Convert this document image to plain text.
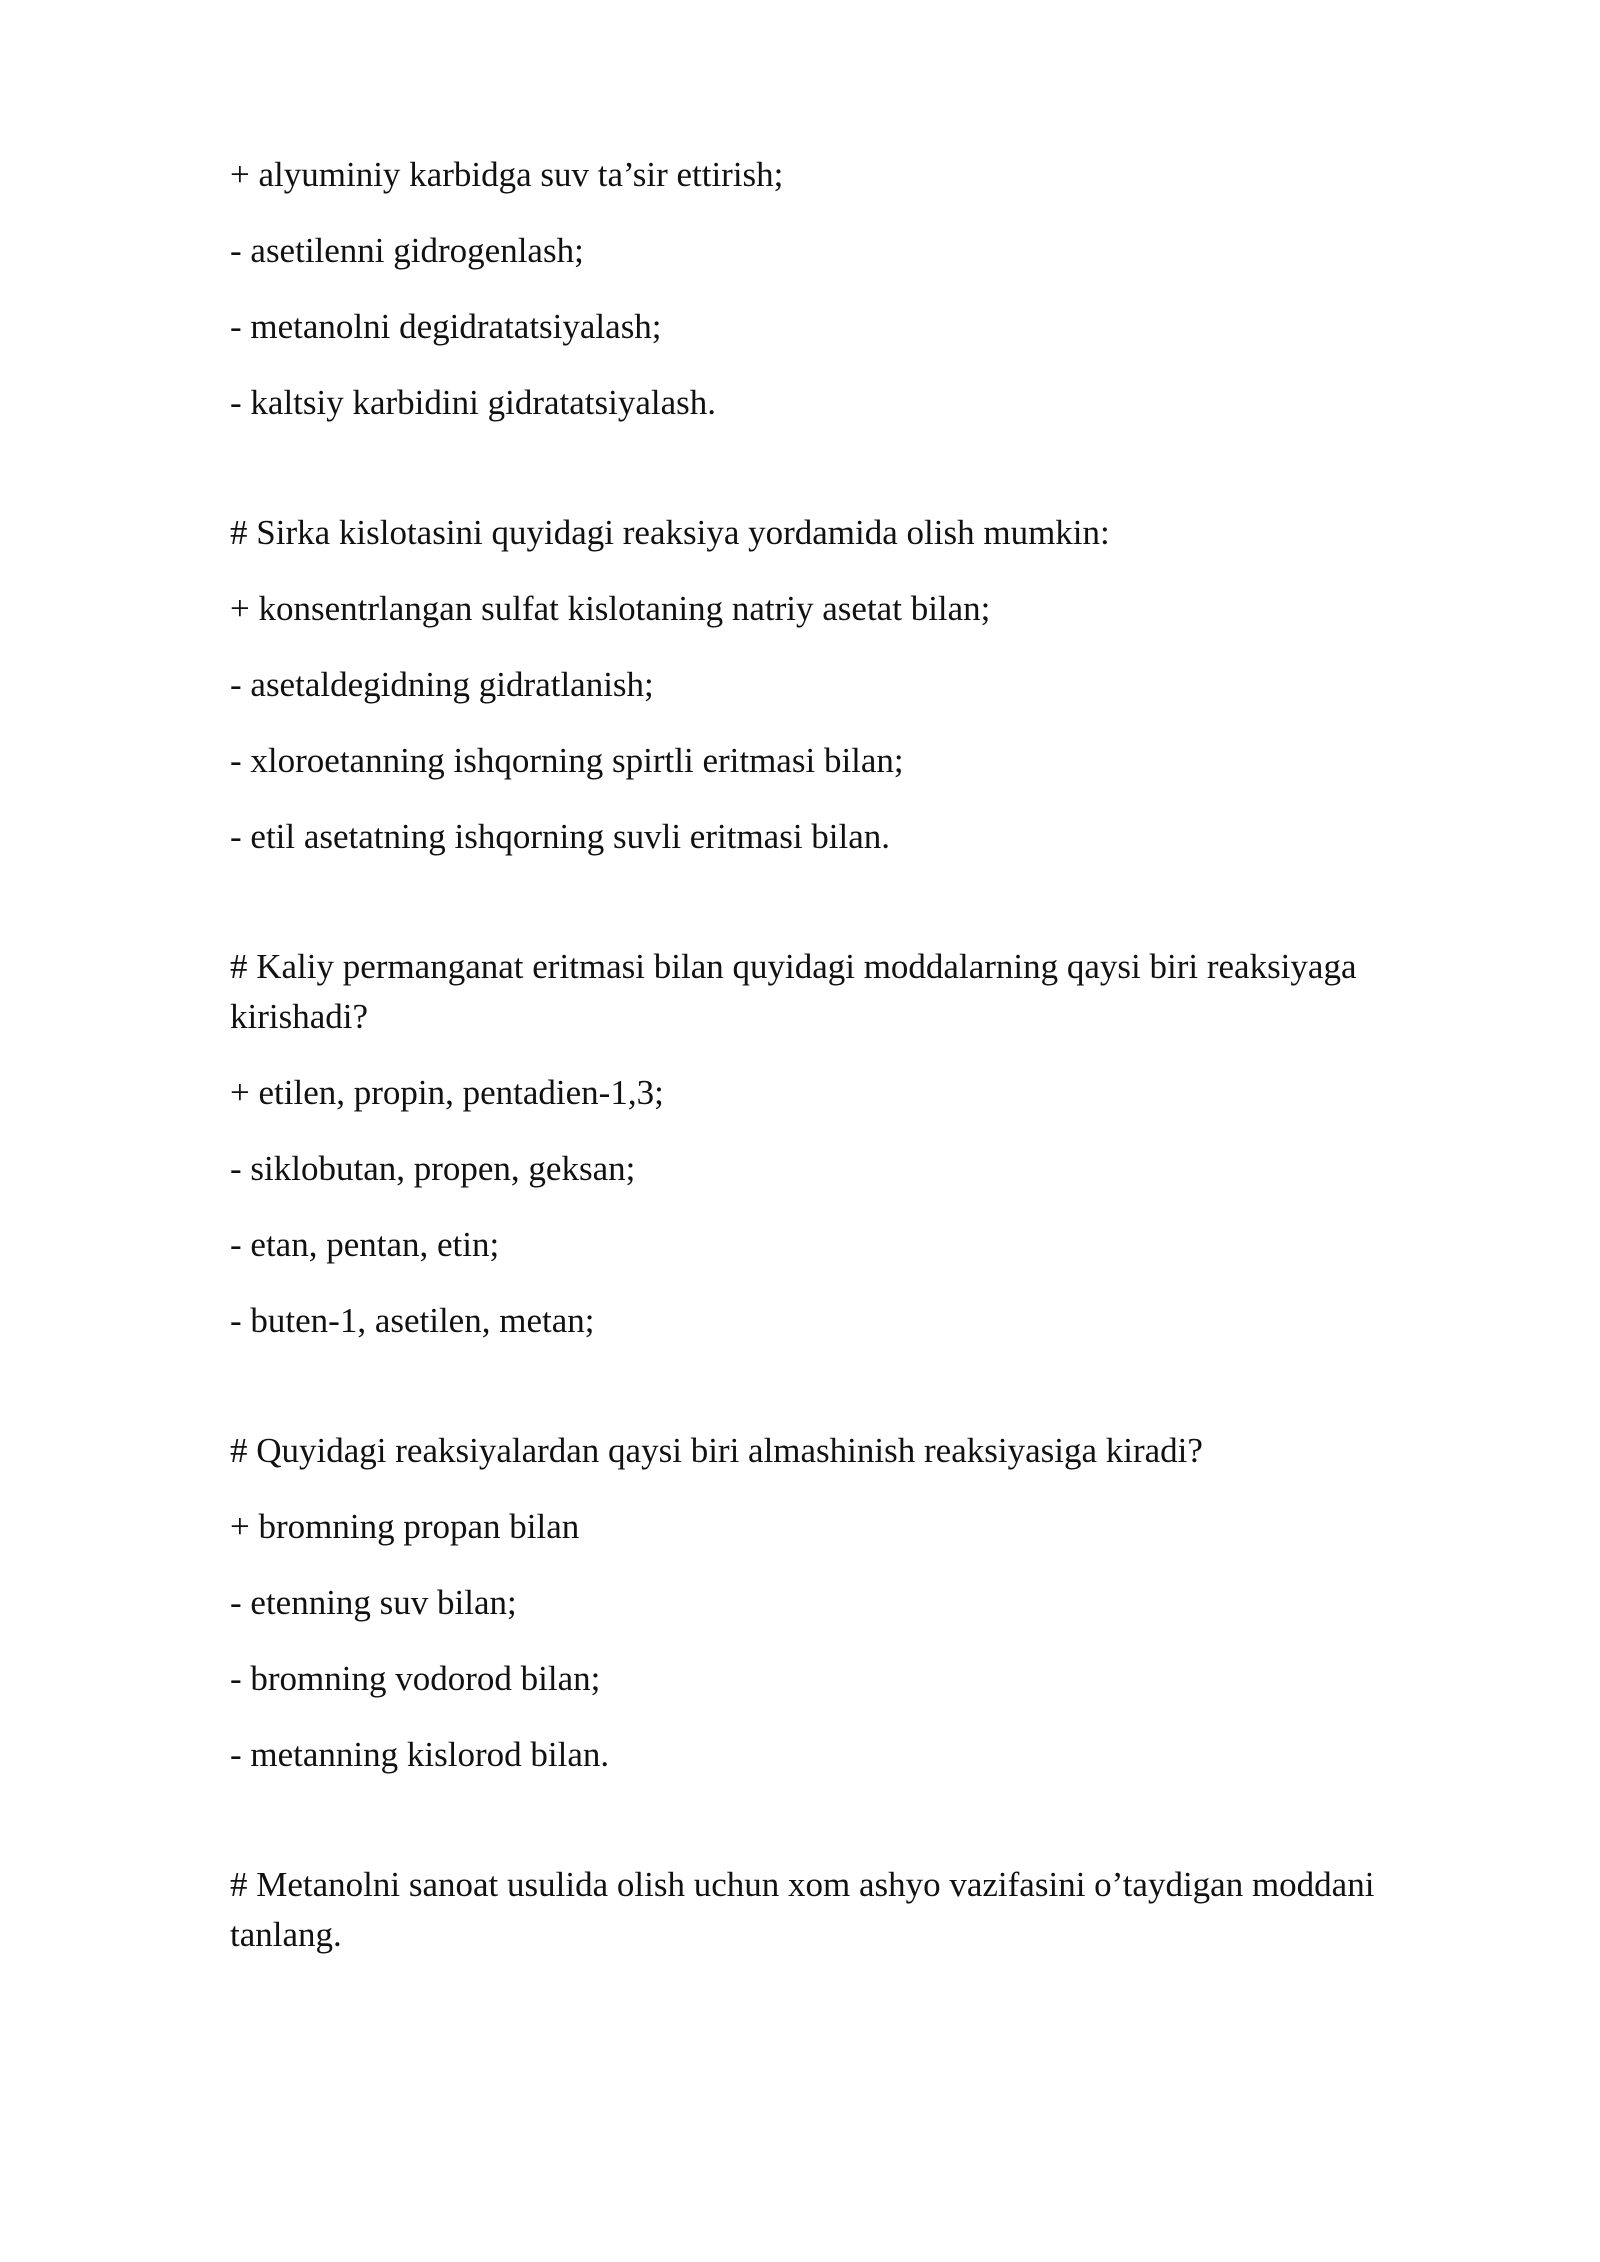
+ alyuminiy karbidga suv ta’sir ettirish;

- asetilenni gidrogenlash;

- metanolni degidratatsiyalash;

- kaltsiy karbidini gidratatsiyalash.

# Sirka kislotasini quyidagi reaksiya yordamida olish mumkin:

+ konsentrlangan sulfat kislotaning natriy asetat bilan;

- asetaldegidning gidratlanish;

- xloroetanning ishqorning spirtli eritmasi bilan;

- etil asetatning ishqorning suvli eritmasi bilan.

# Kaliy permanganat eritmasi bilan quyidagi moddalarning qaysi biri reaksiyaga kirishadi?

+ etilen, propin, pentadien-1,3;

- siklobutan, propen, geksan;

- etan, pentan, etin;

- buten-1, asetilen, metan;

# Quyidagi reaksiyalardan qaysi biri almashinish reaksiyasiga kiradi?

+ bromning propan bilan

- etenning suv bilan;

- bromning vodorod bilan;

- metanning kislorod bilan.

# Metanolni sanoat usulida olish uchun xom ashyo vazifasini o’taydigan moddani tanlang.
